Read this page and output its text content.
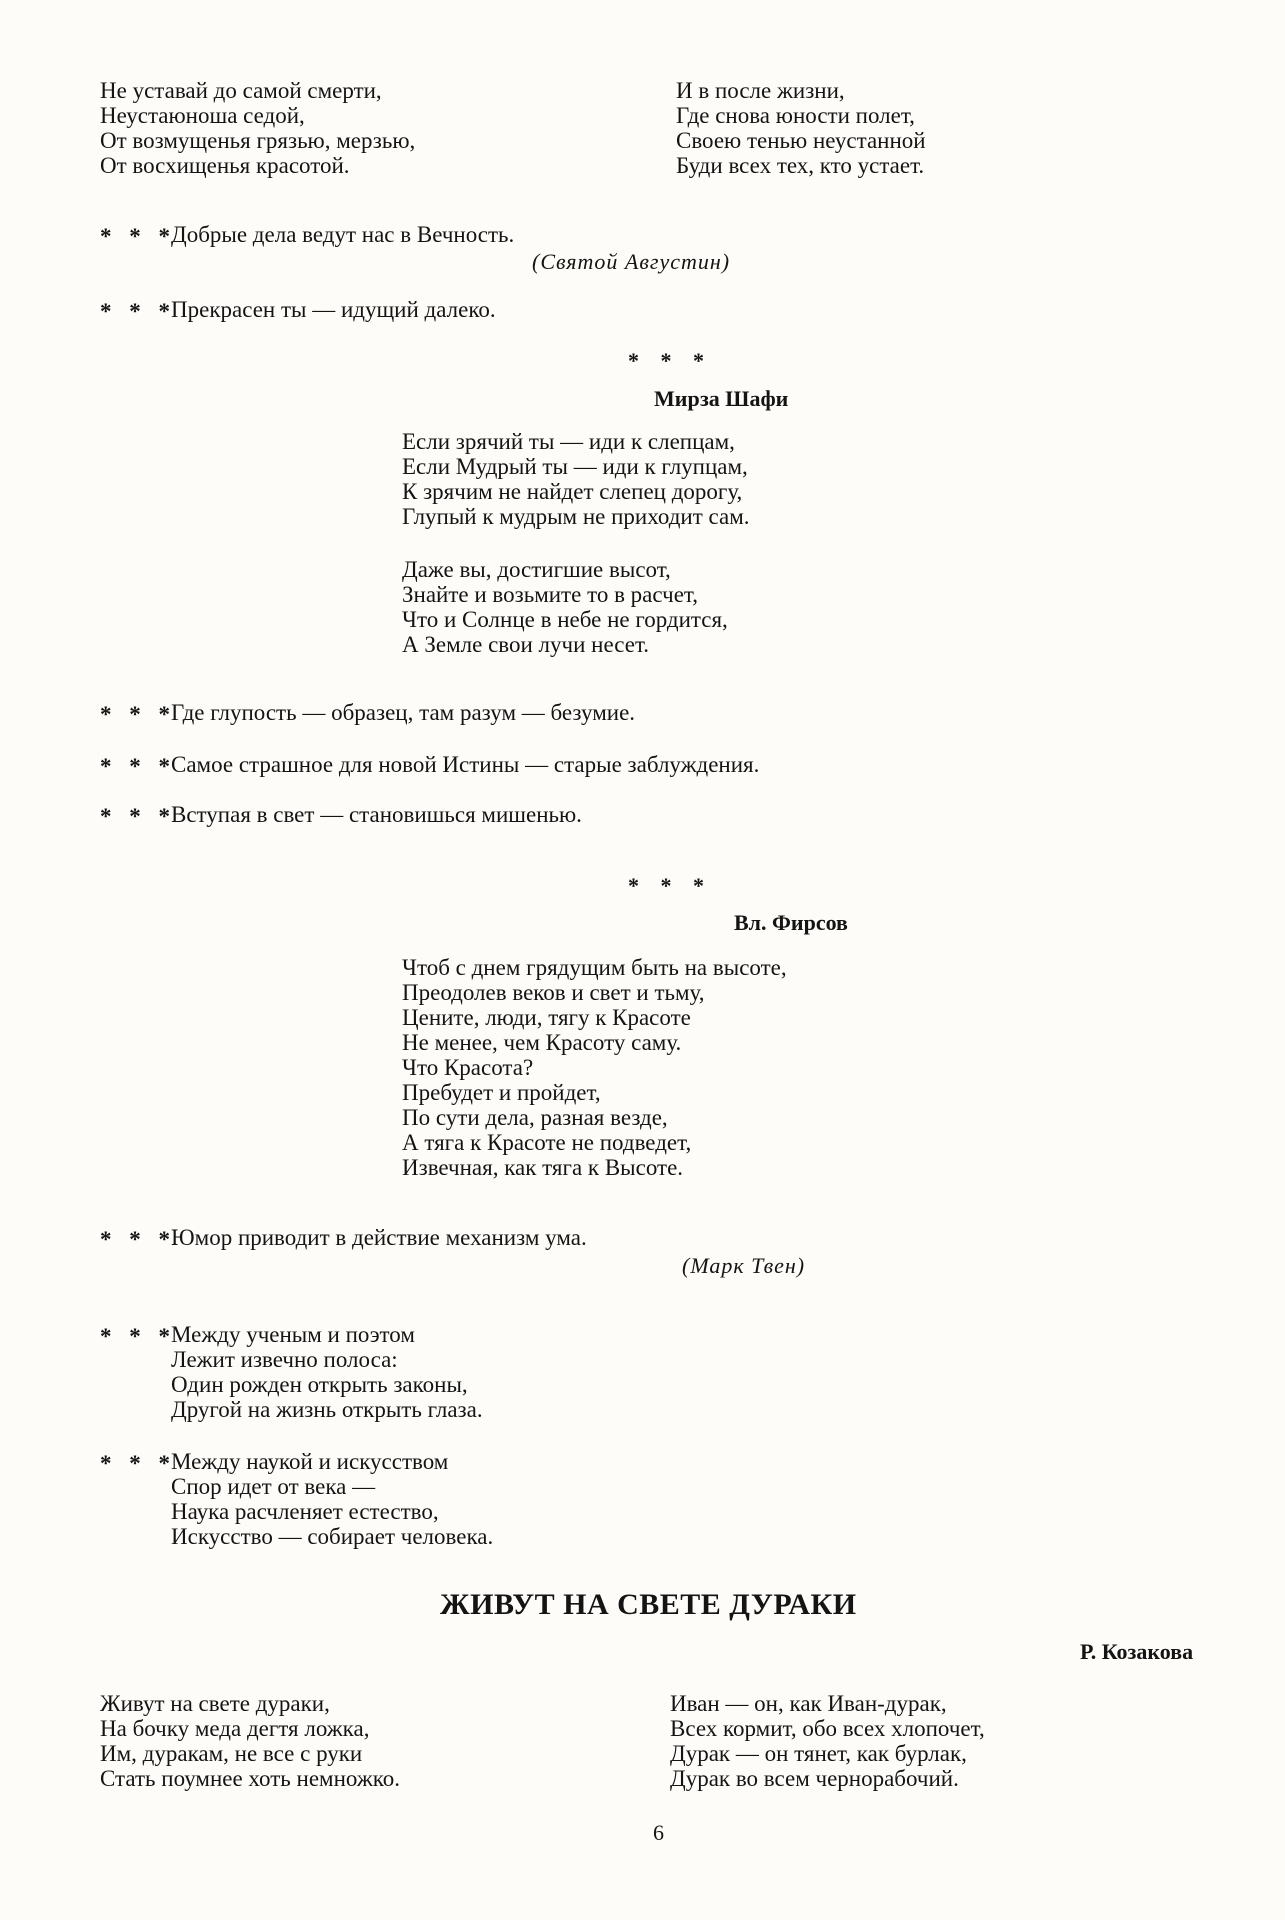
Не уставай до самой смерти,
Неустаюноша седой,
От возмущенья грязью, мерзью,
От восхищенья красотой.
И в после жизни,
Где снова юности полет,
Своею тенью неустанной
Буди всех тех, кто устает.
* * *
Добрые дела ведут нас в Вечность.
(Святой Августин)
* * *
Прекрасен ты — идущий далеко.
* * *
Мирза Шафи
Если зрячий ты — иди к слепцам,
Если Мудрый ты — иди к глупцам,
К зрячим не найдет слепец дорогу,
Глупый к мудрым не приходит сам.
Даже вы, достигшие высот,
Знайте и возьмите то в расчет,
Что и Солнце в небе не гордится,
А Земле свои лучи несет.
* * *
Где глупость — образец, там разум — безумие.
* * *
Самое страшное для новой Истины — старые заблуждения.
* * *
Вступая в свет — становишься мишенью.
* * *
Вл. Фирсов
Чтоб с днем грядущим быть на высоте,
Преодолев веков и свет и тьму,
Цените, люди, тягу к Красоте
Не менее, чем Красоту саму.
Что Красота?
Пребудет и пройдет,
По сути дела, разная везде,
А тяга к Красоте не подведет,
Извечная, как тяга к Высоте.
* * *
Юмор приводит в действие механизм ума.
(Марк Твен)
* * *
Между ученым и поэтом
Лежит извечно полоса:
Один рожден открыть законы,
Другой на жизнь открыть глаза.
* * *
Между наукой и искусством
Спор идет от века —
Наука расчленяет естество,
Искусство — собирает человека.
ЖИВУТ НА СВЕТЕ ДУРАКИ
Р. Козакова
Живут на свете дураки,
На бочку меда дегтя ложка,
Им, дуракам, не все с руки
Стать поумнее хоть немножко.
Иван — он, как Иван-дурак,
Всех кормит, обо всех хлопочет,
Дурак — он тянет, как бурлак,
Дурак во всем чернорабочий.
6
